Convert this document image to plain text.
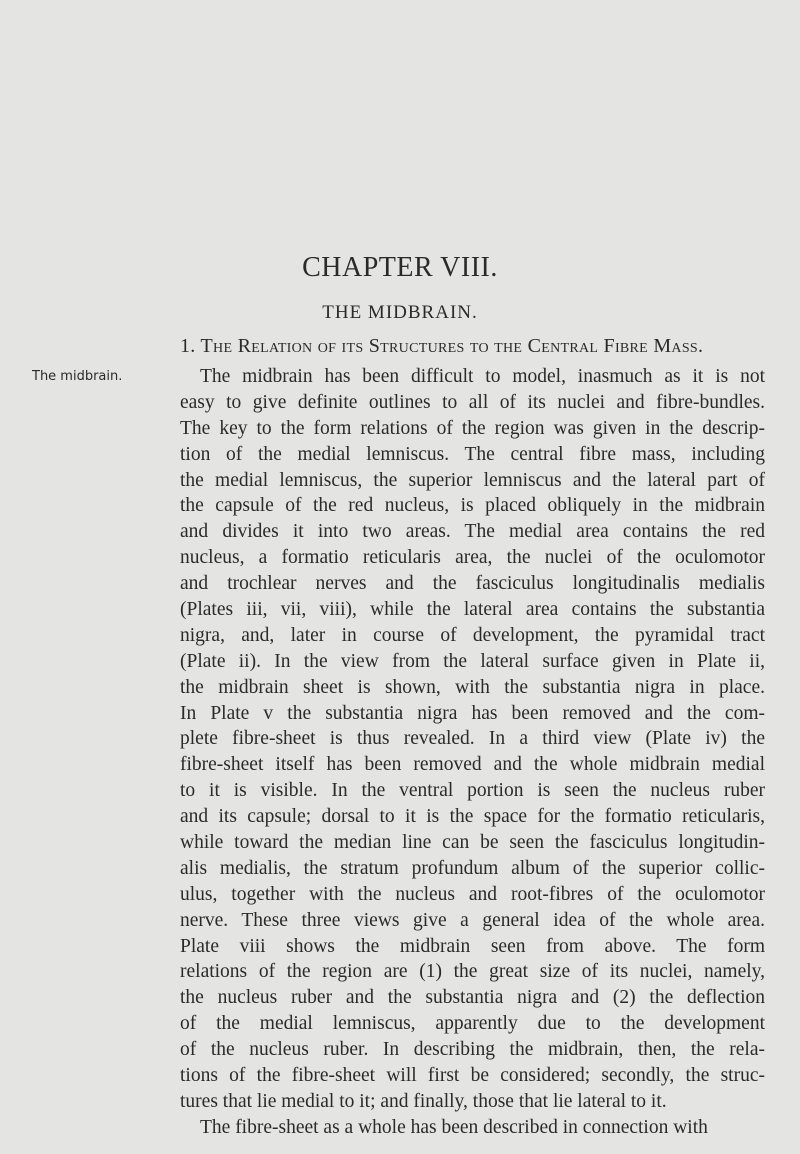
CHAPTER VIII.
THE MIDBRAIN.
1. The Relation of its Structures to the Central Fibre Mass.
The midbrain.	The midbrain has been difficult to model, inasmuch as it is not
easy to give definite outlines to all of its nuclei and fibre-bundles.
The key to the form relations of the region was given in the descrip-
tion of the medial lemniscus. The central fibre mass, including
the medial lemniscus, the superior lemniscus and the lateral part of
the capsule of the red nucleus, is placed obliquely in the midbrain
and divides it into two areas. The medial area contains the red
nucleus, a formatio reticularis area, the nuclei of the oculomotor
and trochlear nerves and the fasciculus longitudinalis medialis
(Plates iii, vii, viii), while the lateral area contains the substantia
nigra, and, later in course of development, the pyramidal tract
(Plate ii). In the view from the lateral surface given in Plate ii,
the midbrain sheet is shown, with the substantia nigra in place.
In Plate v the substantia nigra has been removed and the com-
plete fibre-sheet is thus revealed. In a third view (Plate iv) the
fibre-sheet itself has been removed and the whole midbrain medial
to it is visible. In the ventral portion is seen the nucleus ruber
and its capsule; dorsal to it is the space for the formatio reticularis,
while toward the median line can be seen the fasciculus longitudin-
alis medialis, the stratum profundum album of the superior collic-
ulus, together with the nucleus and root-fibres of the oculomotor
nerve. These three views give a general idea of the whole area.
Plate viii shows the midbrain seen from above. The form
relations of the region are (1) the great size of its nuclei, namely,
the nucleus ruber and the substantia nigra and (2) the deflection
of the medial lemniscus, apparently due to the development
of the nucleus ruber. In describing the midbrain, then, the rela-
tions of the fibre-sheet will first be considered; secondly, the struc-
tures that lie medial to it; and finally, those that lie lateral to it.
The fibre-sheet as a whole has been described in connection with
